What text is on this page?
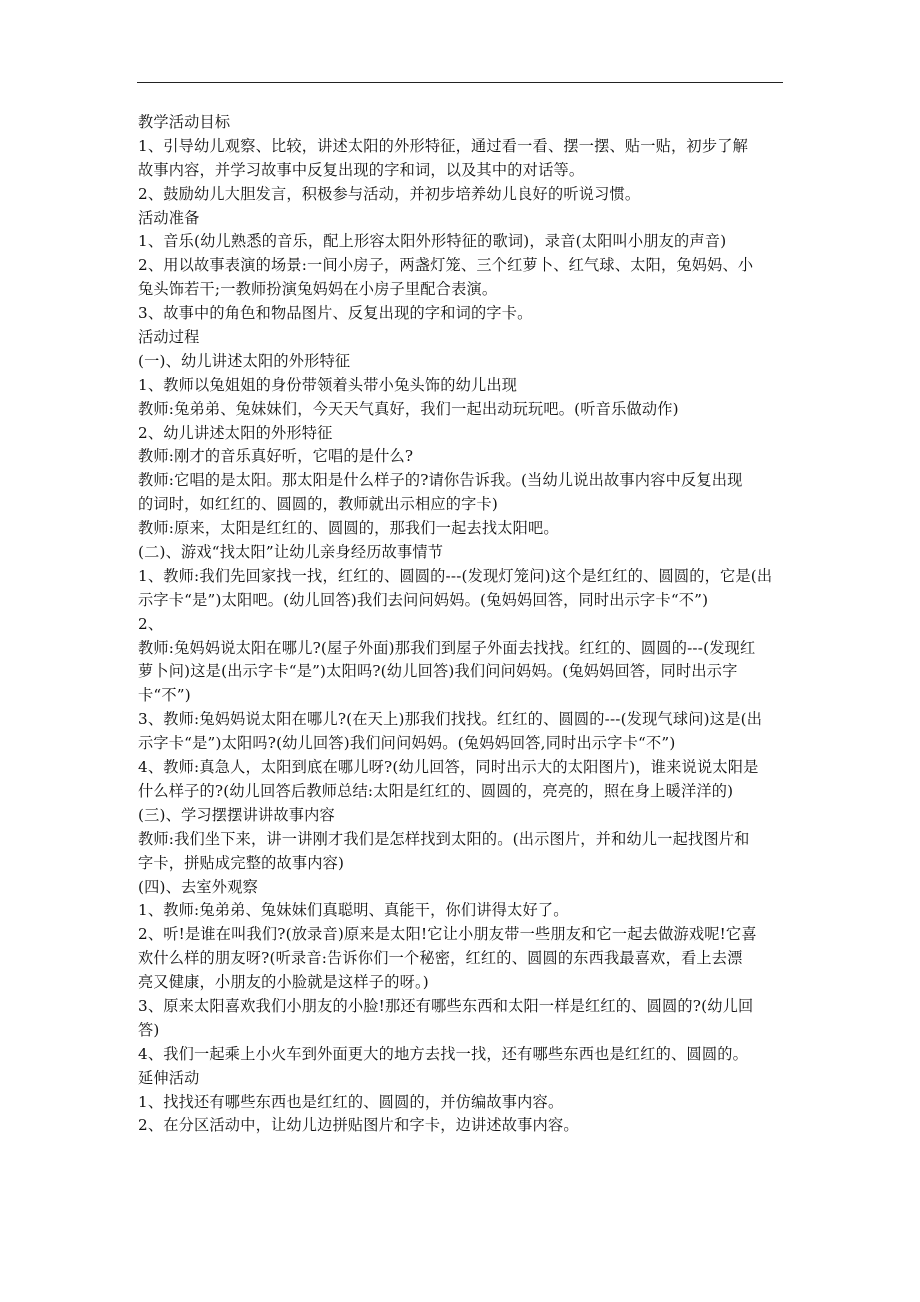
教学活动目标
1、引导幼儿观察、比较，讲述太阳的外形特征，通过看一看、摆一摆、贴一贴，初步了解
故事内容，并学习故事中反复出现的字和词，以及其中的对话等。
2、鼓励幼儿大胆发言，积极参与活动，并初步培养幼儿良好的听说习惯。
活动准备
1、音乐(幼儿熟悉的音乐，配上形容太阳外形特征的歌词)，录音(太阳叫小朋友的声音)
2、用以故事表演的场景:一间小房子，两盏灯笼、三个红萝卜、红气球、太阳，兔妈妈、小
兔头饰若干;一教师扮演兔妈妈在小房子里配合表演。
3、故事中的角色和物品图片、反复出现的字和词的字卡。
活动过程
(一)、幼儿讲述太阳的外形特征
1、教师以兔姐姐的身份带领着头带小兔头饰的幼儿出现
教师:兔弟弟、兔妹妹们，今天天气真好，我们一起出动玩玩吧。(听音乐做动作)
2、幼儿讲述太阳的外形特征
教师:刚才的音乐真好听，它唱的是什么?
教师:它唱的是太阳。那太阳是什么样子的?请你告诉我。(当幼儿说出故事内容中反复出现
的词时，如红红的、圆圆的，教师就出示相应的字卡)
教师:原来，太阳是红红的、圆圆的，那我们一起去找太阳吧。
(二)、游戏“找太阳”让幼儿亲身经历故事情节
1、教师:我们先回家找一找，红红的、圆圆的---(发现灯笼问)这个是红红的、圆圆的，它是(出
示字卡“是”)太阳吧。(幼儿回答)我们去问问妈妈。(兔妈妈回答，同时出示字卡“不”)
2、
教师:兔妈妈说太阳在哪儿?(屋子外面)那我们到屋子外面去找找。红红的、圆圆的---(发现红
萝卜问)这是(出示字卡“是”)太阳吗?(幼儿回答)我们问问妈妈。(兔妈妈回答，同时出示字
卡“不”)
3、教师:兔妈妈说太阳在哪儿?(在天上)那我们找找。红红的、圆圆的---(发现气球问)这是(出
示字卡“是”)太阳吗?(幼儿回答)我们问问妈妈。(兔妈妈回答,同时出示字卡“不”)
4、教师:真急人，太阳到底在哪儿呀?(幼儿回答，同时出示大的太阳图片)，谁来说说太阳是
什么样子的?(幼儿回答后教师总结:太阳是红红的、圆圆的，亮亮的，照在身上暖洋洋的)
(三)、学习摆摆讲讲故事内容
教师:我们坐下来，讲一讲刚才我们是怎样找到太阳的。(出示图片，并和幼儿一起找图片和
字卡，拼贴成完整的故事内容)
(四)、去室外观察
1、教师:兔弟弟、兔妹妹们真聪明、真能干，你们讲得太好了。
2、听!是谁在叫我们?(放录音)原来是太阳!它让小朋友带一些朋友和它一起去做游戏呢!它喜
欢什么样的朋友呀?(听录音:告诉你们一个秘密，红红的、圆圆的东西我最喜欢，看上去漂
亮又健康，小朋友的小脸就是这样子的呀。)
3、原来太阳喜欢我们小朋友的小脸!那还有哪些东西和太阳一样是红红的、圆圆的?(幼儿回
答)
4、我们一起乘上小火车到外面更大的地方去找一找，还有哪些东西也是红红的、圆圆的。
延伸活动
1、找找还有哪些东西也是红红的、圆圆的，并仿编故事内容。
2、在分区活动中，让幼儿边拼贴图片和字卡，边讲述故事内容。
